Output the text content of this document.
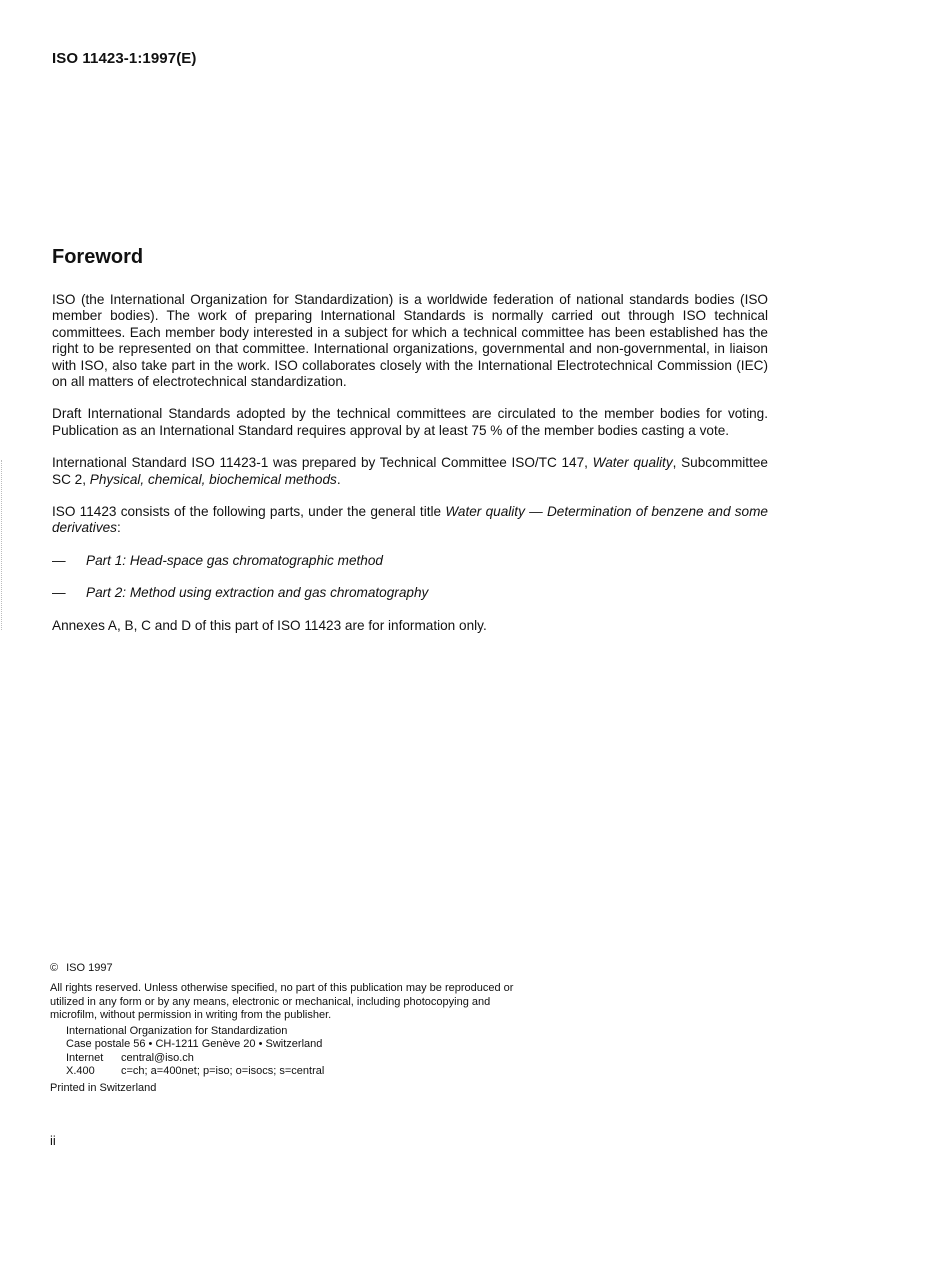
ISO 11423-1:1997(E)
Foreword

ISO (the International Organization for Standardization) is a worldwide federation of national standards bodies (ISO member bodies). The work of preparing International Standards is normally carried out through ISO technical committees. Each member body interested in a subject for which a technical committee has been established has the right to be represented on that committee. International organizations, governmental and non-governmental, in liaison with ISO, also take part in the work. ISO collaborates closely with the International Electrotechnical Commission (IEC) on all matters of electrotechnical standardization.

Draft International Standards adopted by the technical committees are circulated to the member bodies for voting. Publication as an International Standard requires approval by at least 75 % of the member bodies casting a vote.

International Standard ISO 11423-1 was prepared by Technical Committee ISO/TC 147, Water quality, Subcommittee SC 2, Physical, chemical, biochemical methods.

ISO 11423 consists of the following parts, under the general title Water quality — Determination of benzene and some derivatives:

—	Part 1: Head-space gas chromatographic method
—	Part 2: Method using extraction and gas chromatography

Annexes A, B, C and D of this part of ISO 11423 are for information only.

© ISO 1997

All rights reserved. Unless otherwise specified, no part of this publication may be reproduced or utilized in any form or by any means, electronic or mechanical, including photocopying and microfilm, without permission in writing from the publisher.

International Organization for Standardization
Case postale 56 • CH-1211 Genève 20 • Switzerland
Internet	central@iso.ch
X.400	c=ch; a=400net; p=iso; o=isocs; s=central
Printed in Switzerland
ii
